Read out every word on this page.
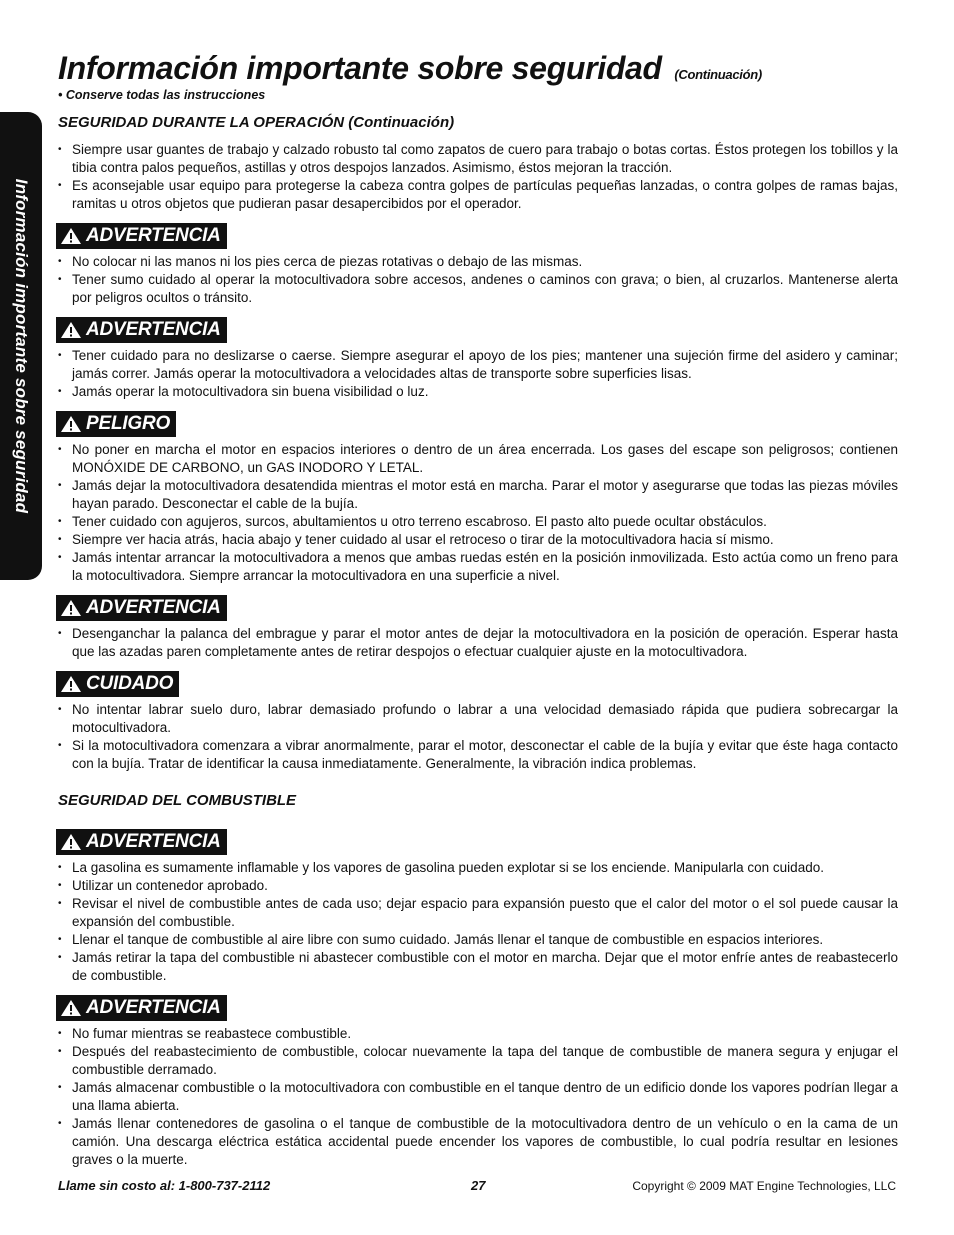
Información importante sobre seguridad
Información importante sobre seguridad (Continuación)
• Conserve todas las instrucciones
SEGURIDAD DURANTE LA OPERACIÓN (Continuación)
• Siempre usar guantes de trabajo y calzado robusto tal como zapatos de cuero para trabajo o botas cortas. Éstos protegen los tobillos y la tibia contra palos pequeños, astillas y otros despojos lanzados. Asimismo, éstos mejoran la tracción.
• Es aconsejable usar equipo para protegerse la cabeza contra golpes de partículas pequeñas lanzadas, o contra golpes de ramas bajas, ramitas u otros objetos que pudieran pasar desapercibidos por el operador.
ADVERTENCIA
• No colocar ni las manos ni los pies cerca de piezas rotativas o debajo de las mismas.
• Tener sumo cuidado al operar la motocultivadora sobre accesos, andenes o caminos con grava; o bien, al cruzarlos. Mantenerse alerta por peligros ocultos o tránsito.
ADVERTENCIA
• Tener cuidado para no deslizarse o caerse. Siempre asegurar el apoyo de los pies; mantener una sujeción firme del asidero y caminar; jamás correr. Jamás operar la motocultivadora a velocidades altas de transporte sobre superficies lisas.
• Jamás operar la motocultivadora sin buena visibilidad o luz.
PELIGRO
• No poner en marcha el motor en espacios interiores o dentro de un área encerrada. Los gases del escape son peligrosos; contienen MONÓXIDE DE CARBONO, un GAS INODORO Y LETAL.
• Jamás dejar la motocultivadora desatendida mientras el motor está en marcha. Parar el motor y asegurarse que todas las piezas móviles hayan parado. Desconectar el cable de la bujía.
• Tener cuidado con agujeros, surcos, abultamientos u otro terreno escabroso. El pasto alto puede ocultar obstáculos.
• Siempre ver hacia atrás, hacia abajo y tener cuidado al usar el retroceso o tirar de la motocultivadora hacia sí mismo.
• Jamás intentar arrancar la motocultivadora a menos que ambas ruedas estén en la posición inmovilizada. Esto actúa como un freno para la motocultivadora. Siempre arrancar la motocultivadora en una superficie a nivel.
ADVERTENCIA
• Desenganchar la palanca del embrague y parar el motor antes de dejar la motocultivadora en la posición de operación. Esperar hasta que las azadas paren completamente antes de retirar despojos o efectuar cualquier ajuste en la motocultivadora.
CUIDADO
• No intentar labrar suelo duro, labrar demasiado profundo o labrar a una velocidad demasiado rápida que pudiera sobrecargar la motocultivadora.
• Si la motocultivadora comenzara a vibrar anormalmente, parar el motor, desconectar el cable de la bujía y evitar que éste haga contacto con la bujía. Tratar de identificar la causa inmediatamente. Generalmente, la vibración indica problemas.
SEGURIDAD DEL COMBUSTIBLE
ADVERTENCIA
• La gasolina es sumamente inflamable y los vapores de gasolina pueden explotar si se los enciende. Manipularla con cuidado.
• Utilizar un contenedor aprobado.
• Revisar el nivel de combustible antes de cada uso; dejar espacio para expansión puesto que el calor del motor o el sol puede causar la expansión del combustible.
• Llenar el tanque de combustible al aire libre con sumo cuidado. Jamás llenar el tanque de combustible en espacios interiores.
• Jamás retirar la tapa del combustible ni abastecer combustible con el motor en marcha. Dejar que el motor enfríe antes de reabastecerlo de combustible.
ADVERTENCIA
• No fumar mientras se reabastece combustible.
• Después del reabastecimiento de combustible, colocar nuevamente la tapa del tanque de combustible de manera segura y enjugar el combustible derramado.
• Jamás almacenar combustible o la motocultivadora con combustible en el tanque dentro de un edificio donde los vapores podrían llegar a una llama abierta.
• Jamás llenar contenedores de gasolina o el tanque de combustible de la motocultivadora dentro de un vehículo o en la cama de un camión. Una descarga eléctrica estática accidental puede encender los vapores de combustible, lo cual podría resultar en lesiones graves o la muerte.
Llame sin costo al: 1-800-737-2112	27	Copyright © 2009 MAT Engine Technologies, LLC
